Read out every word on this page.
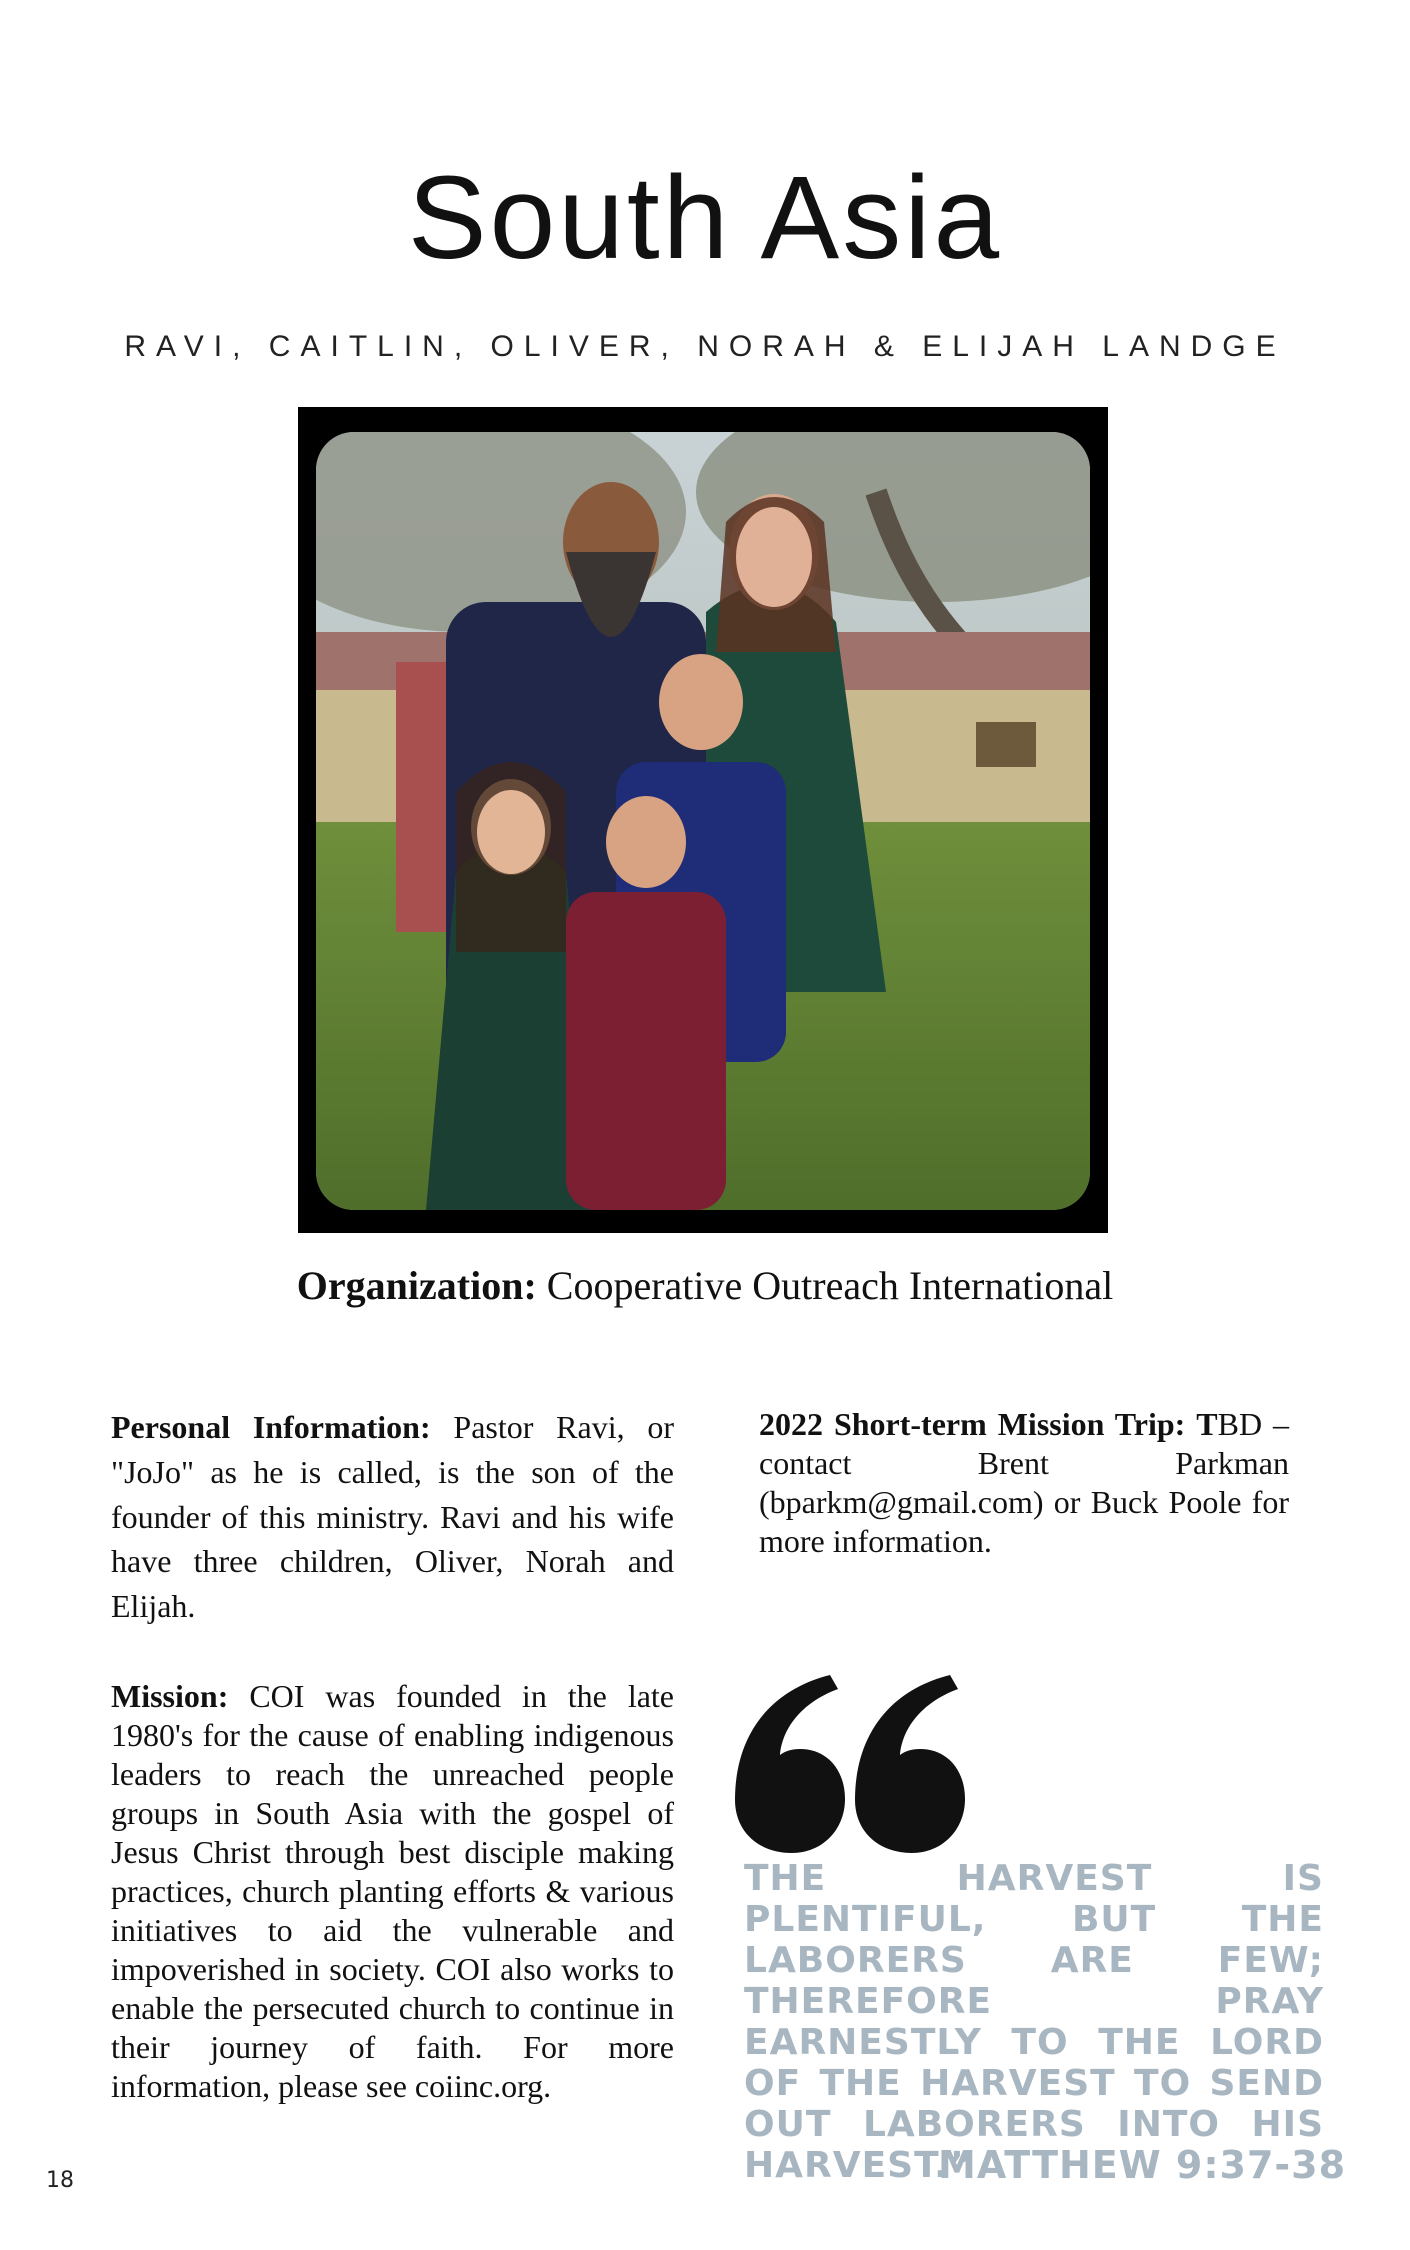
South Asia
RAVI, CAITLIN, OLIVER, NORAH & ELIJAH LANDGE
Organization: Cooperative Outreach International
Personal Information: Pastor Ravi, or "JoJo" as he is called, is the son of the founder of this ministry. Ravi and his wife have three children, Oliver, Norah and Elijah.
Mission: COI was founded in the late 1980's for the cause of enabling indigenous leaders to reach the unreached people groups in South Asia with the gospel of Jesus Christ through best disciple making practices, church planting efforts & various initiatives to aid the vulnerable and impoverished in society. COI also works to enable the persecuted church to continue in their journey of faith. For more information, please see coiinc.org.
2022 Short-term Mission Trip: TBD – contact Brent Parkman (bparkm@gmail.com) or Buck Poole for more information.
THE HARVEST IS PLENTIFUL, BUT THE LABORERS ARE FEW; THEREFORE PRAY EARNESTLY TO THE LORD OF THE HARVEST TO SEND OUT LABORERS INTO HIS HARVEST.”
MATTHEW 9:37-38
18
